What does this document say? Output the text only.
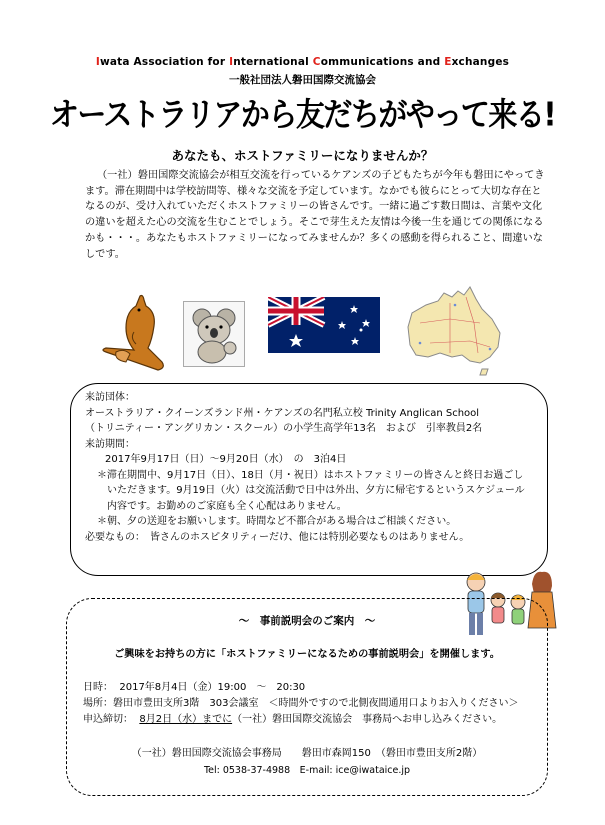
Iwata Association for International Communications and Exchanges
一般社団法人磐田国際交流協会
オーストラリアから友だちがやって来る!
あなたも、ホストファミリーになりませんか？
（一社）磐田国際交流協会が相互交流を行っているケアンズの子どもたちが今年も磐田にやってきます。滞在期間中は学校訪問等、様々な交流を予定しています。なかでも彼らにとって大切な存在となるのが、受け入れていただくホストファミリーの皆さんです。一緒に過ごす数日間は、言葉や文化の違いを超えた心の交流を生むことでしょう。そこで芽生えた友情は今後一生を通じての関係になるかも・・・。あなたもホストファミリーになってみませんか？多くの感動を得られること、間違いなしです。

来訪団体：

オーストラリア・クイーンズランド州・ケアンズの名門私立校 Trinity Anglican School

（トリニティー・アングリカン・スクール）の小学生高学年13名　および　引率教員2名

来訪期間：

2017年9月17日（日）～9月20日（水）　の　3泊4日

＊滞在期間中、9月17日（日）、18日（月・祝日）はホストファミリーの皆さんと終日お過ごしいただきます。9月19日（火）は交流活動で日中は外出、夕方に帰宅するというスケジュール内容です。お勤めのご家庭も全く心配はありません。

＊朝、夕の送迎をお願いします。時間など不都合がある場合はご相談ください。

必要なもの：　皆さんのホスピタリティーだけ、他には特別必要なものはありません。

～　事前説明会のご案内　～
ご興味をお持ちの方に「ホストファミリーになるための事前説明会」を開催します。

日時： 2017年8月4日（金）19:00　～　20:30

場所：磐田市豊田支所3階　303会議室　＜時間外ですので北側夜間通用口よりお入りください＞

申込締切： 8月2日（水）までに（一社）磐田国際交流協会　事務局へお申し込みください。

（一社）磐田国際交流協会事務局　　磐田市森岡150　（磐田市豊田支所2階）
Tel: 0538-37-4988　E-mail: ice@iwataice.jp
